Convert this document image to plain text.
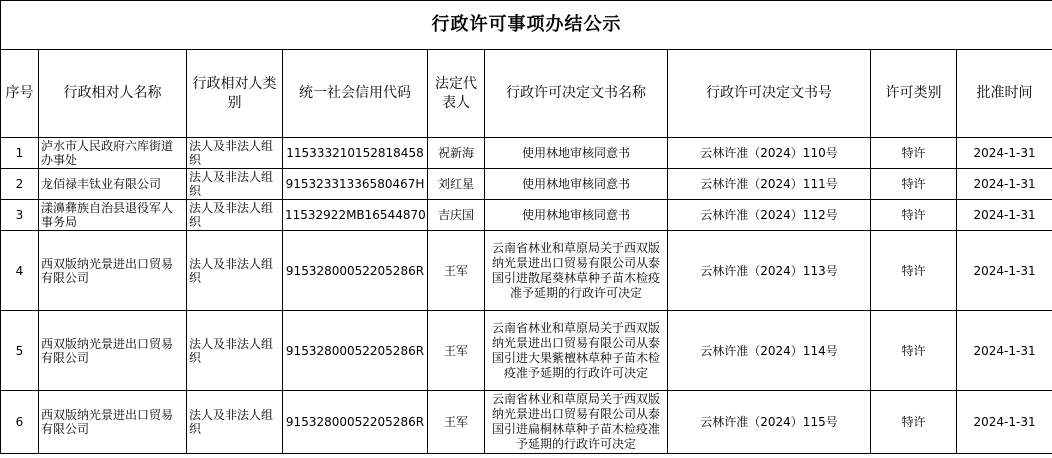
行政许可事项办结公示								
序号	行政相对人名称	行政相对人类别	统一社会信用代码	法定代表人	行政许可决定文书名称	行政许可决定文书号	许可类别	批准时间
1	泸水市人民政府六库街道办事处	法人及非法人组织	115333210152818458	祝新海	使用林地审核同意书	云林许准（2024）110号	特许	2024-1-31
2	龙佰禄丰钛业有限公司	法人及非法人组织	91532331336580467H	刘红星	使用林地审核同意书	云林许准（2024）111号	特许	2024-1-31
3	漾濞彝族自治县退役军人事务局	法人及非法人组织	11532922MB16544870	吉庆国	使用林地审核同意书	云林许准（2024）112号	特许	2024-1-31
4	西双版纳光景进出口贸易有限公司	法人及非法人组织	91532800052205286R	王军	云南省林业和草原局关于西双版纳光景进出口贸易有限公司从泰国引进散尾葵林草种子苗木检疫准予延期的行政许可决定	云林许准（2024）113号	特许	2024-1-31
5	西双版纳光景进出口贸易有限公司	法人及非法人组织	91532800052205286R	王军	云南省林业和草原局关于西双版纳光景进出口贸易有限公司从泰国引进大果紫檀林草种子苗木检疫准予延期的行政许可决定	云林许准（2024）114号	特许	2024-1-31
6	西双版纳光景进出口贸易有限公司	法人及非法人组织	91532800052205286R	王军	云南省林业和草原局关于西双版纳光景进出口贸易有限公司从泰国引进扁桐林草种子苗木检疫准予延期的行政许可决定	云林许准（2024）115号	特许	2024-1-31
